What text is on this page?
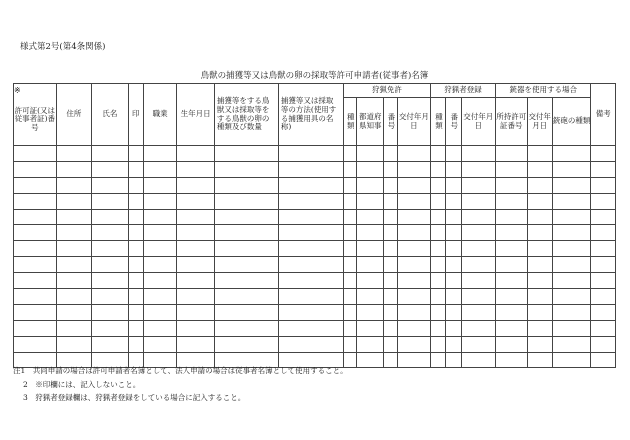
様式第2号(第4条関係)
鳥獣の捕獲等又は鳥獣の卵の採取等許可申請者(従事者)名簿
許可証(又は従事者証)番号	住所	氏名	印	職業	生年月日	捕獲等をする鳥獣又は採取等をする鳥獣の卵の種類及び数量	捕獲等又は採取等の方法(使用する捕獲用具の名称)	狩猟免許				狩猟者登録			銃器を使用する場合			備考
								種類	都道府県知事	番号	交付年月日	種類	番号	交付年月日	所持許可証番号	交付年月日	銃砲の種類	

※
注1　共同申請の場合は許可申請者名簿として、法人申請の場合は従事者名簿として使用すること。
2　※印欄には、記入しないこと。
3　狩猟者登録欄は、狩猟者登録をしている場合に記入すること。
